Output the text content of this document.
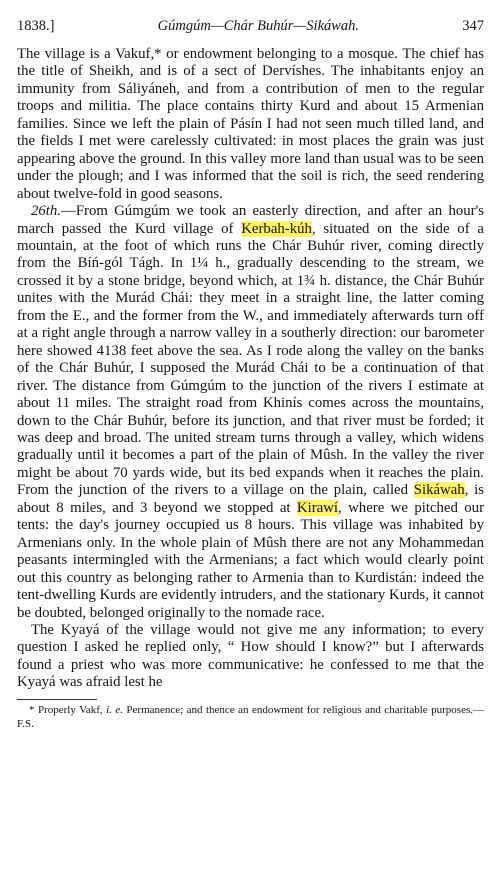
1838.]	Gúmgúm—Chár Buhúr—Sikáwah.	347

The village is a Vakuf,* or endowment belonging to a mosque. The chief has the title of Sheikh, and is of a sect of Dervíshes. The inhabitants enjoy an immunity from Sáliyáneh, and from a contribution of men to the regular troops and militia. The place contains thirty Kurd and about 15 Armenian families. Since we left the plain of Pásín I had not seen much tilled land, and the fields I met were carelessly cultivated: in most places the grain was just appearing above the ground. In this valley more land than usual was to be seen under the plough; and I was informed that the soil is rich, the seed rendering about twelve-fold in good seasons.

26th.—From Gúmgúm we took an easterly direction, and after an hour's march passed the Kurd village of Kerbah-kúh, situated on the side of a mountain, at the foot of which runs the Chár Buhúr river, coming directly from the Bíń-gól Tágh. In 1¼ h., gradually descending to the stream, we crossed it by a stone bridge, beyond which, at 1¾ h. distance, the Chár Buhúr unites with the Murád Chái: they meet in a straight line, the latter coming from the E., and the former from the W., and immediately afterwards turn off at a right angle through a narrow valley in a southerly direction: our barometer here showed 4138 feet above the sea. As I rode along the valley on the banks of the Chár Buhúr, I supposed the Murád Chái to be a continuation of that river. The distance from Gúmgúm to the junction of the rivers I estimate at about 11 miles. The straight road from Khinís comes across the mountains, down to the Chár Buhúr, before its junction, and that river must be forded; it was deep and broad. The united stream turns through a valley, which widens gradually until it becomes a part of the plain of Mûsh. In the valley the river might be about 70 yards wide, but its bed expands when it reaches the plain. From the junction of the rivers to a village on the plain, called Sikáwah, is about 8 miles, and 3 beyond we stopped at Kirawí, where we pitched our tents: the day's journey occupied us 8 hours. This village was inhabited by Armenians only. In the whole plain of Mûsh there are not any Mohammedan peasants intermingled with the Armenians; a fact which would clearly point out this country as belonging rather to Armenia than to Kurdistán: indeed the tent-dwelling Kurds are evidently intruders, and the stationary Kurds, it cannot be doubted, belonged originally to the nomade race.

The Kyayá of the village would not give me any information; to every question I asked he replied only, “ How should I know?” but I afterwards found a priest who was more communicative: he confessed to me that the Kyayá was afraid lest he

* Properly Vakf, i. e. Permanence; and thence an endowment for religious and charitable purposes.—F.S.
